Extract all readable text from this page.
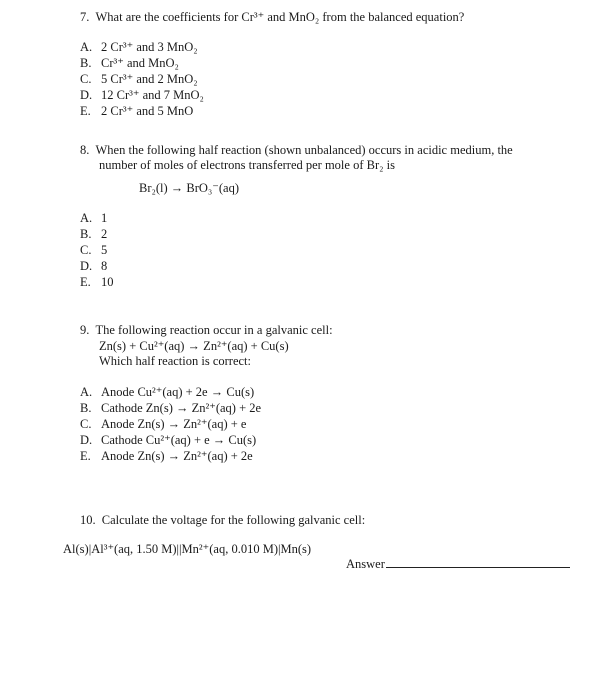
7. What are the coefficients for Cr³⁺ and MnO₂ from the balanced equation?
A. 2 Cr³⁺ and 3 MnO₂
B. Cr³⁺ and MnO₂
C. 5 Cr³⁺ and 2 MnO₂
D. 12 Cr³⁺ and 7 MnO₂
E. 2 Cr³⁺ and 5 MnO
8. When the following half reaction (shown unbalanced) occurs in acidic medium, the
number of moles of electrons transferred per mole of Br₂ is
Br₂(l) → BrO₃⁻(aq)
A. 1
B. 2
C. 5
D. 8
E. 10
9. The following reaction occur in a galvanic cell:
Zn(s) + Cu²⁺(aq) → Zn²⁺(aq) + Cu(s)
Which half reaction is correct:
A. Anode Cu²⁺(aq) + 2e → Cu(s)
B. Cathode Zn(s) → Zn²⁺(aq) + 2e
C. Anode Zn(s) → Zn²⁺(aq) + e
D. Cathode Cu²⁺(aq) + e → Cu(s)
E. Anode Zn(s) → Zn²⁺(aq) + 2e
10. Calculate the voltage for the following galvanic cell:
Al(s)|Al³⁺(aq, 1.50 M)||Mn²⁺(aq, 0.010 M)|Mn(s)
Answer
